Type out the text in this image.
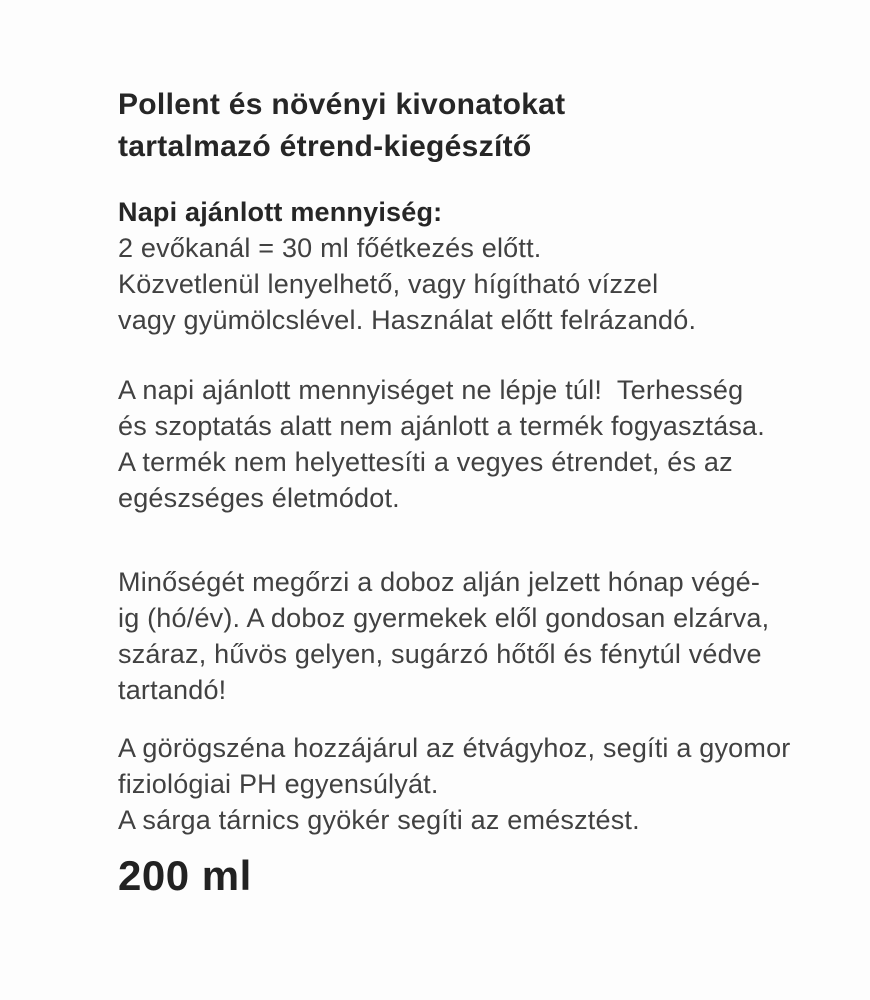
Pollent és növényi kivonatokat
tartalmazó étrend-kiegészítő
Napi ajánlott mennyiség:
2 evőkanál = 30 ml főétkezés előtt.
Közvetlenül lenyelhető, vagy hígítható vízzel
vagy gyümölcslével. Használat előtt felrázandó.
A napi ajánlott mennyiséget ne lépje túl!  Terhesség
és szoptatás alatt nem ajánlott a termék fogyasztása.
A termék nem helyettesíti a vegyes étrendet, és az
egészséges életmódot.
Minőségét megőrzi a doboz alján jelzett hónap végé-
ig (hó/év). A doboz gyermekek elől gondosan elzárva,
száraz, hűvös gelyen, sugárzó hőtől és fénytúl védve
tartandó!
A görögszéna hozzájárul az étvágyhoz, segíti a gyomor
fiziológiai PH egyensúlyát.
A sárga tárnics gyökér segíti az emésztést.
200 ml
